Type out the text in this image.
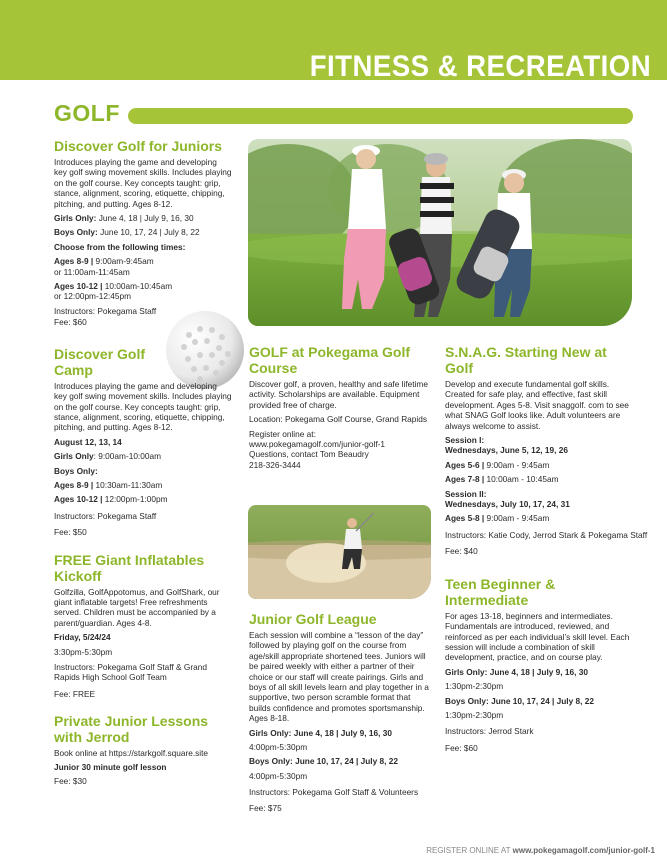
FITNESS & RECREATION
GOLF
Discover Golf for Juniors
Introduces playing the game and developing key golf swing movement skills. Includes playing on the golf course. Key concepts taught: grip, stance, alignment, scoring, etiquette, chipping, pitching, and putting. Ages 8-12.
Girls Only: June 4, 18 | July 9, 16, 30
Boys Only: June 10, 17, 24 | July 8, 22
Choose from the following times:
Ages 8-9 | 9:00am-9:45am
or 11:00am-11:45am
Ages 10-12 | 10:00am-10:45am
or 12:00pm-12:45pm
Instructors: Pokegama Staff
Fee: $60
Discover Golf
Camp
Introduces playing the game and developing key golf swing movement skills. Includes playing on the golf course. Key concepts taught: grip, stance, alignment, scoring, etiquette, chipping, pitching, and putting. Ages 8-12.
August 12, 13, 14
Girls Only: 9:00am-10:00am
Boys Only:
Ages 8-9 | 10:30am-11:30am
Ages 10-12 | 12:00pm-1:00pm
Instructors: Pokegama Staff
Fee: $50
FREE Giant Inflatables
Kickoff
Golfzilla, GolfAppotomus, and GolfShark, our giant inflatable targets! Free refreshments served. Children must be accompanied by a parent/guardian. Ages 4-8.
Friday, 5/24/24
3:30pm-5:30pm
Instructors: Pokegama Golf Staff & Grand Rapids High School Golf Team
Fee: FREE
Private Junior Lessons
with Jerrod
Book online at https://starkgolf.square.site
Junior 30 minute golf lesson
Fee: $30
GOLF at Pokegama Golf
Course
Discover golf, a proven, healthy and safe lifetime activity. Scholarships are available. Equipment provided free of charge.
Location: Pokegama Golf Course, Grand Rapids
Register online at:
www.pokegamagolf.com/junior-golf-1
Questions, contact Tom Beaudry
218-326-3444
Junior Golf League
Each session will combine a “lesson of the day” followed by playing golf on the course from age/skill appropriate shortened tees. Juniors will be paired weekly with either a partner of their choice or our staff will create pairings. Girls and boys of all skill levels learn and play together in a supportive, two person scramble format that builds confidence and promotes sportsmanship. Ages 8-18.
Girls Only: June 4, 18 | July 9, 16, 30
4:00pm-5:30pm
Boys Only: June 10, 17, 24 | July 8, 22
4:00pm-5:30pm
Instructors: Pokegama Golf Staff & Volunteers
Fee: $75
S.N.A.G. Starting New at
Golf
Develop and execute fundamental golf skills. Created for safe play, and effective, fast skill development. Ages 5-8. Visit snaggolf. com to see what SNAG Golf looks like. Adult volunteers are always welcome to assist.
Session I:
Wednesdays, June 5, 12, 19, 26
Ages 5-6 | 9:00am - 9:45am
Ages 7-8 | 10:00am - 10:45am
Session II:
Wednesdays, July 10, 17, 24, 31
Ages 5-8 | 9:00am - 9:45am
Instructors: Katie Cody, Jerrod Stark & Pokegama Staff
Fee: $40
Teen Beginner &
Intermediate
For ages 13-18, beginners and intermediates. Fundamentals are introduced, reviewed, and reinforced as per each individual’s skill level. Each session will include a combination of skill development, practice, and on course play.
Girls Only: June 4, 18 | July 9, 16, 30
1:30pm-2:30pm
Boys Only: June 10, 17, 24 | July 8, 22
1:30pm-2:30pm
Instructors: Jerrod Stark
Fee: $60
REGISTER ONLINE AT www.pokegamagolf.com/junior-golf-1
